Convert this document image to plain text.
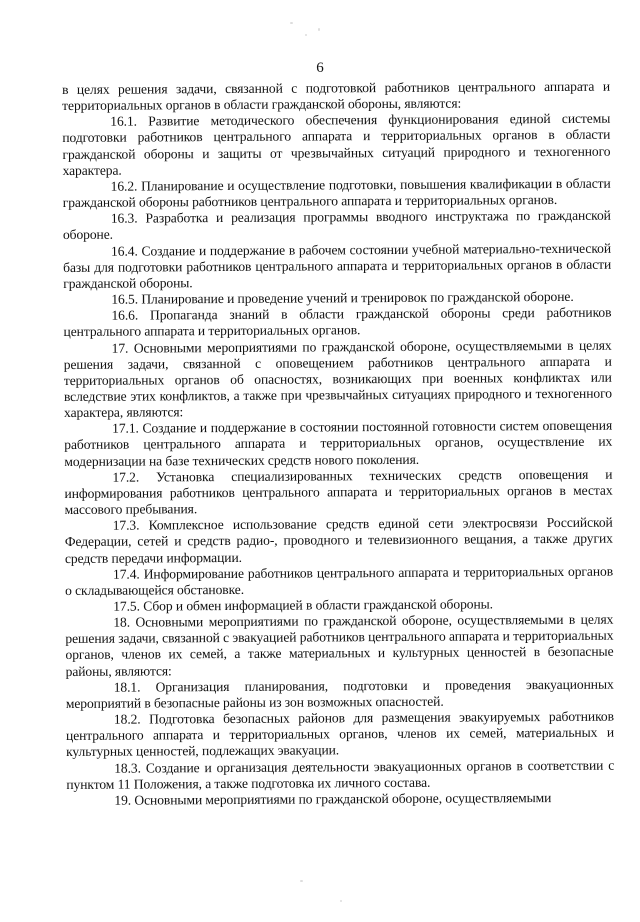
6

в целях решения задачи, связанной с подготовкой работников центрального аппарата и территориальных органов в области гражданской обороны, являются:

16.1. Развитие методического обеспечения функционирования единой системы подготовки работников центрального аппарата и территориальных органов в области гражданской обороны и защиты от чрезвычайных ситуаций природного и техногенного характера.

16.2. Планирование и осуществление подготовки, повышения квалификации в области гражданской обороны работников центрального аппарата и территориальных органов.

16.3. Разработка и реализация программы вводного инструктажа по гражданской обороне.

16.4. Создание и поддержание в рабочем состоянии учебной материально-технической базы для подготовки работников центрального аппарата и территориальных органов в области гражданской обороны.

16.5. Планирование и проведение учений и тренировок по гражданской обороне.

16.6. Пропаганда знаний в области гражданской обороны среди работников центрального аппарата и территориальных органов.

17. Основными мероприятиями по гражданской обороне, осуществляемыми в целях решения задачи, связанной с оповещением работников центрального аппарата и территориальных органов об опасностях, возникающих при военных конфликтах или вследствие этих конфликтов, а также при чрезвычайных ситуациях природного и техногенного характера, являются:

17.1. Создание и поддержание в состоянии постоянной готовности систем оповещения работников центрального аппарата и территориальных органов, осуществление их модернизации на базе технических средств нового поколения.

17.2. Установка специализированных технических средств оповещения и информирования работников центрального аппарата и территориальных органов в местах массового пребывания.

17.3. Комплексное использование средств единой сети электросвязи Российской Федерации, сетей и средств радио-, проводного и телевизионного вещания, а также других средств передачи информации.

17.4. Информирование работников центрального аппарата и территориальных органов о складывающейся обстановке.

17.5. Сбор и обмен информацией в области гражданской обороны.

18. Основными мероприятиями по гражданской обороне, осуществляемыми в целях решения задачи, связанной с эвакуацией работников центрального аппарата и территориальных органов, членов их семей, а также материальных и культурных ценностей в безопасные районы, являются:

18.1. Организация планирования, подготовки и проведения эвакуационных мероприятий в безопасные районы из зон возможных опасностей.

18.2. Подготовка безопасных районов для размещения эвакуируемых работников центрального аппарата и территориальных органов, членов их семей, материальных и культурных ценностей, подлежащих эвакуации.

18.3. Создание и организация деятельности эвакуационных органов в соответствии с пунктом 11 Положения, а также подготовка их личного состава.

19. Основными мероприятиями по гражданской обороне, осуществляемыми
